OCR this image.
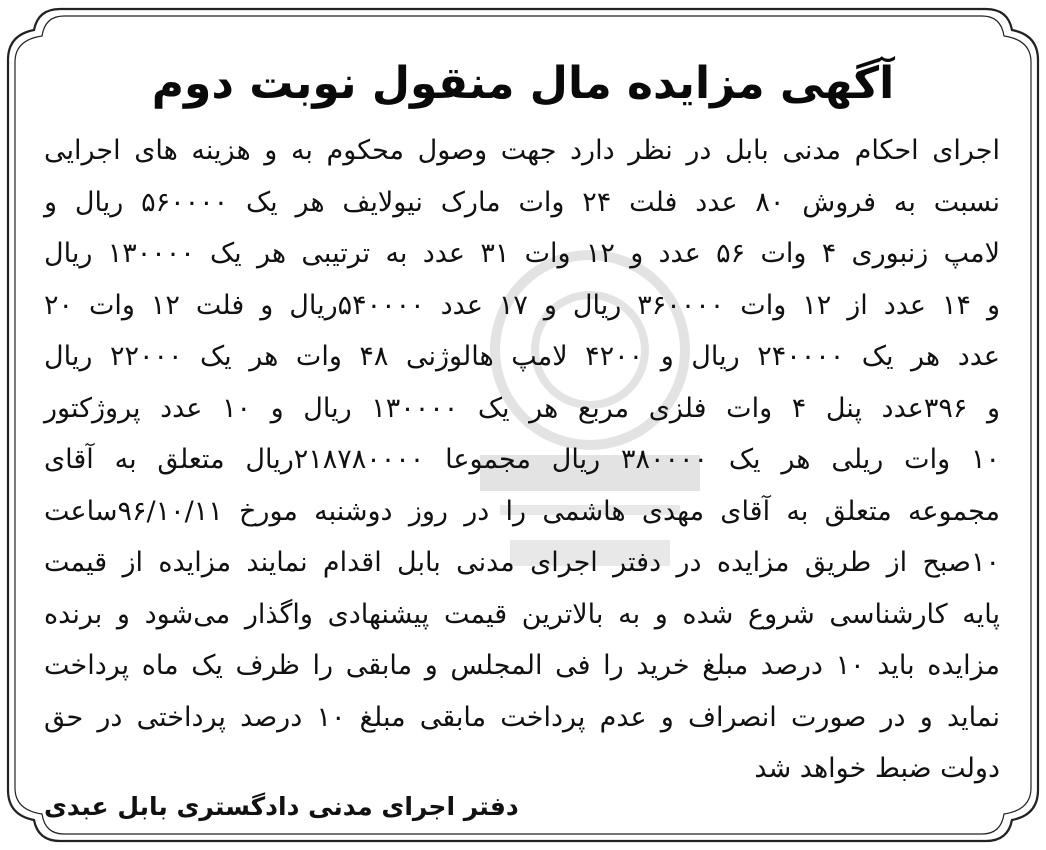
آگهی مزایده مال منقول نوبت دوم
اجرای احکام مدنی بابل در نظر دارد جهت وصول محکوم به و هزینه های اجرایی
نسبت به فروش ۸۰ عدد فلت ۲۴ وات مارک نیولایف هر یک ۵۶۰۰۰۰ ریال و
لامپ زنبوری ۴ وات ۵۶ عدد و ۱۲ وات ۳۱ عدد به ترتیبی هر یک ۱۳۰۰۰۰ ریال
و ۱۴ عدد از ۱۲ وات ۳۶۰۰۰۰ ریال و ۱۷ عدد ۵۴۰۰۰۰ریال و فلت ۱۲ وات ۲۰
عدد هر یک ۲۴۰۰۰۰ ریال و ۴۲۰۰ لامپ هالوژنی ۴۸ وات هر یک ۲۲۰۰۰ ریال
و ۳۹۶عدد پنل ۴ وات فلزی مربع هر یک ۱۳۰۰۰۰ ریال و ۱۰ عدد پروژکتور
۱۰ وات ریلی هر یک ۳۸۰۰۰۰ ریال مجموعا ۲۱۸۷۸۰۰۰۰ریال متعلق به آقای
مجموعه متعلق به آقای مهدی هاشمی را در روز دوشنبه مورخ ۹۶/۱۰/۱۱ساعت
۱۰صبح از طریق مزایده در دفتر اجرای مدنی بابل اقدام نمایند مزایده از قیمت
پایه کارشناسی شروع شده و به بالاترین قیمت پیشنهادی واگذار می‌شود و برنده
مزایده باید ۱۰ درصد مبلغ خرید را فی المجلس و مابقی را ظرف یک ماه پرداخت
نماید و در صورت انصراف و عدم پرداخت مابقی مبلغ ۱۰ درصد پرداختی در حق
دولت ضبط خواهد شد
دفتر اجرای مدنی دادگستری بابل عبدی
